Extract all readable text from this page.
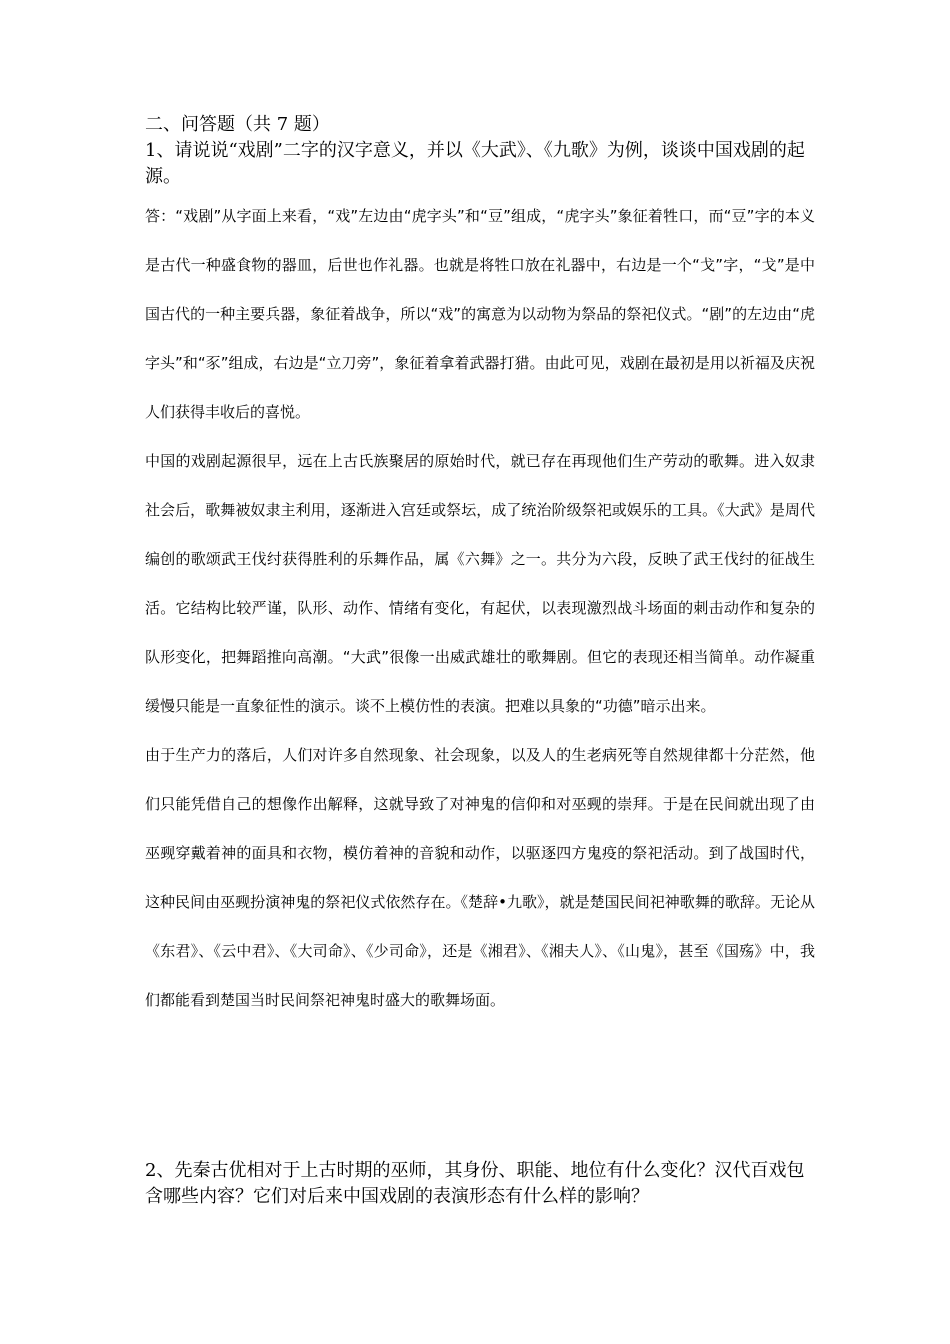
二、问答题（共 7 题）

1、请说说“戏剧”二字的汉字意义，并以《大武》、《九歌》为例，谈谈中国戏剧的起源。

答：“戏剧”从字面上来看，“戏”左边由“虎字头”和“豆”组成，“虎字头”象征着牲口，而“豆”字的本义是古代一种盛食物的器皿，后世也作礼器。也就是将牲口放在礼器中，右边是一个“戈”字，“戈”是中国古代的一种主要兵器，象征着战争，所以“戏”的寓意为以动物为祭品的祭祀仪式。“剧”的左边由“虎字头”和“豕”组成，右边是“立刀旁”，象征着拿着武器打猎。由此可见，戏剧在最初是用以祈福及庆祝人们获得丰收后的喜悦。

中国的戏剧起源很早，远在上古氏族聚居的原始时代，就已存在再现他们生产劳动的歌舞。进入奴隶社会后，歌舞被奴隶主利用，逐渐进入宫廷或祭坛，成了统治阶级祭祀或娱乐的工具。《大武》是周代编创的歌颂武王伐纣获得胜利的乐舞作品，属《六舞》之一。共分为六段，反映了武王伐纣的征战生活。它结构比较严谨，队形、动作、情绪有变化，有起伏，以表现激烈战斗场面的刺击动作和复杂的队形变化，把舞蹈推向高潮。“大武”很像一出威武雄壮的歌舞剧。但它的表现还相当简单。动作凝重缓慢只能是一直象征性的演示。谈不上模仿性的表演。把难以具象的“功德”暗示出来。

由于生产力的落后，人们对许多自然现象、社会现象，以及人的生老病死等自然规律都十分茫然，他们只能凭借自己的想像作出解释，这就导致了对神鬼的信仰和对巫觋的崇拜。于是在民间就出现了由巫觋穿戴着神的面具和衣物，模仿着神的音貌和动作，以驱逐四方鬼疫的祭祀活动。到了战国时代，这种民间由巫觋扮演神鬼的祭祀仪式依然存在。《楚辞•九歌》，就是楚国民间祀神歌舞的歌辞。无论从《东君》、《云中君》、《大司命》、《少司命》，还是《湘君》、《湘夫人》、《山鬼》，甚至《国殇》中，我们都能看到楚国当时民间祭祀神鬼时盛大的歌舞场面。

2、先秦古优相对于上古时期的巫师，其身份、职能、地位有什么变化？汉代百戏包含哪些内容？它们对后来中国戏剧的表演形态有什么样的影响？
